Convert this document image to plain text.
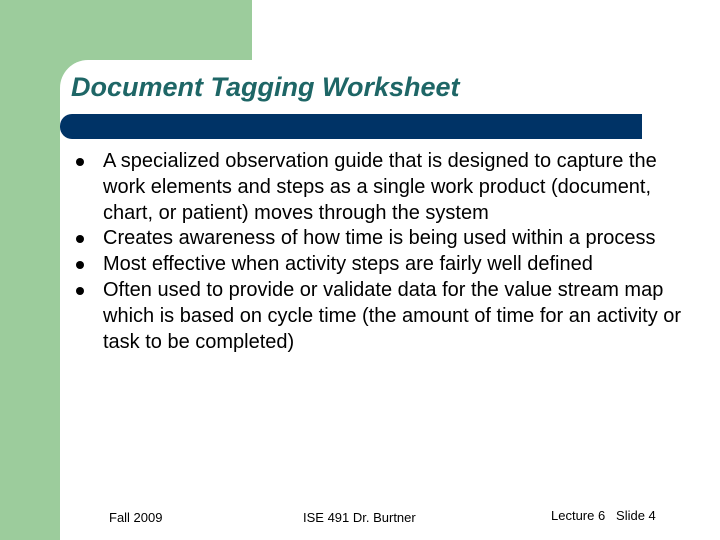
Document Tagging Worksheet
A specialized observation guide that is designed to capture the work elements and steps as a single work product (document, chart, or patient) moves through the system
Creates awareness of how time is being used within a process
Most effective when activity steps are fairly well defined
Often used to provide or validate data for the value stream map which is based on cycle time (the amount of time for an activity or task to be completed)
Fall 2009	ISE 491 Dr. Burtner	Lecture 6   Slide 4
